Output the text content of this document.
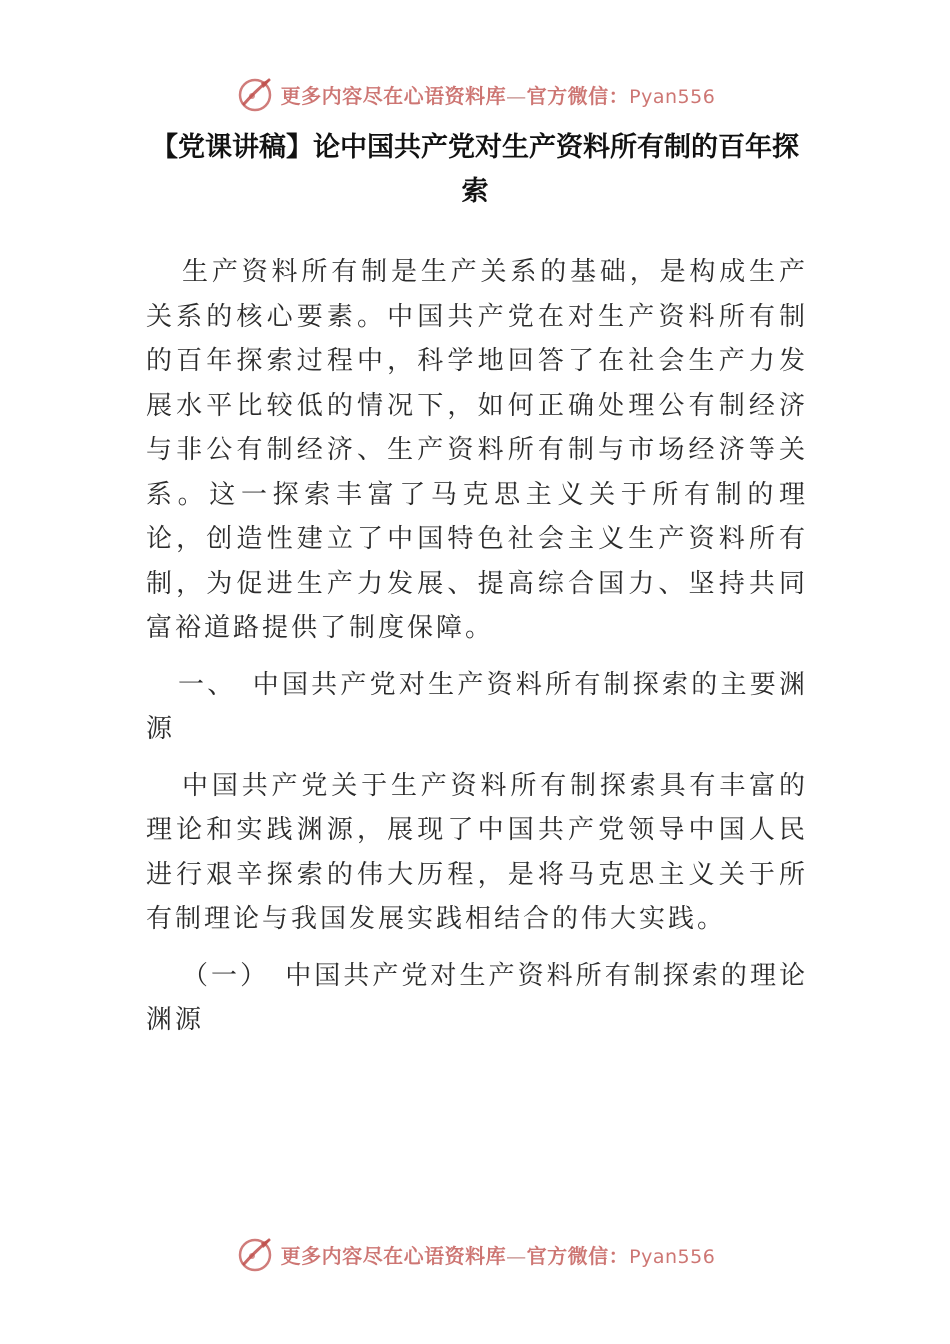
更多内容尽在心语资料库—官方微信：Pyan556
【党课讲稿】论中国共产党对生产资料所有制的百年探索

生产资料所有制是生产关系的基础，是构成生产关系的核心要素。中国共产党在对生产资料所有制的百年探索过程中，科学地回答了在社会生产力发展水平比较低的情况下，如何正确处理公有制经济与非公有制经济、生产资料所有制与市场经济等关系。这一探索丰富了马克思主义关于所有制的理论，创造性建立了中国特色社会主义生产资料所有制，为促进生产力发展、提高综合国力、坚持共同富裕道路提供了制度保障。

一、　中国共产党对生产资料所有制探索的主要渊源

中国共产党关于生产资料所有制探索具有丰富的理论和实践渊源，展现了中国共产党领导中国人民进行艰辛探索的伟大历程，是将马克思主义关于所有制理论与我国发展实践相结合的伟大实践。

（一）　中国共产党对生产资料所有制探索的理论渊源

更多内容尽在心语资料库—官方微信：Pyan556
